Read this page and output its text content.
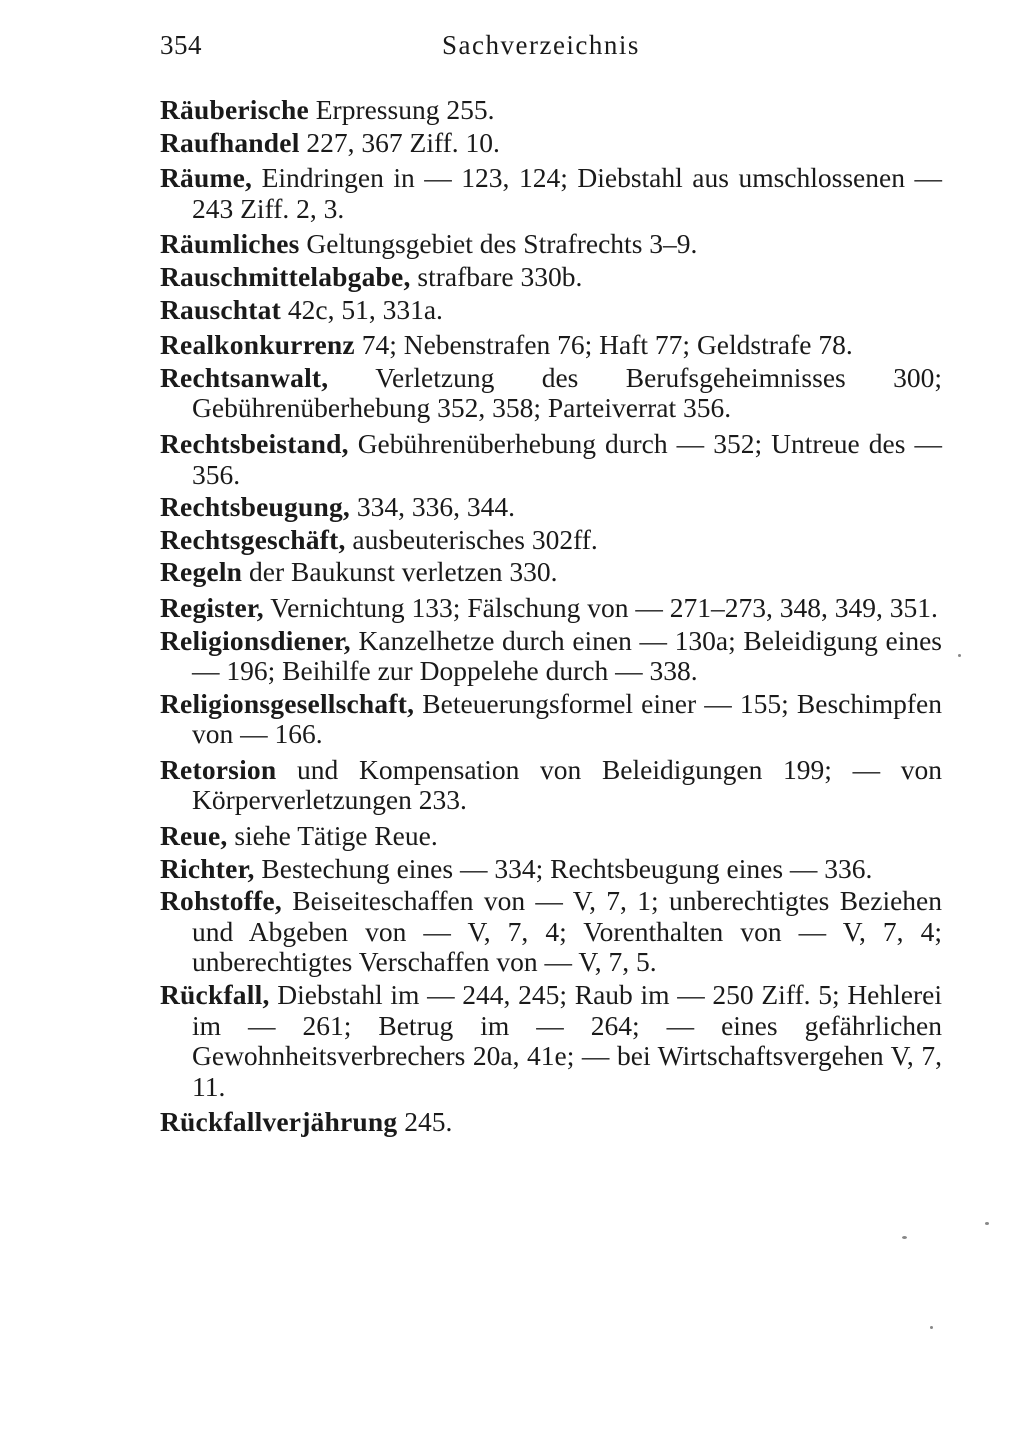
354	Sachverzeichnis

Räuberische Erpressung 255.

Raufhandel 227, 367 Ziff. 10.

Räume, Eindringen in — 123, 124; Diebstahl aus umschlossenen — 243 Ziff. 2, 3.

Räumliches Geltungsgebiet des Strafrechts 3–9.

Rauschmittelabgabe, strafbare 330b.

Rauschtat 42c, 51, 331a.

Realkonkurrenz 74; Nebenstrafen 76; Haft 77; Geldstrafe 78.

Rechtsanwalt, Verletzung des Berufsgeheimnisses 300; Gebührenüberhebung 352, 358; Parteiverrat 356.

Rechtsbeistand, Gebührenüberhebung durch — 352; Untreue des — 356.

Rechtsbeugung, 334, 336, 344.

Rechtsgeschäft, ausbeuterisches 302ff.

Regeln der Baukunst verletzen 330.

Register, Vernichtung 133; Fälschung von — 271–273, 348, 349, 351.

Religionsdiener, Kanzelhetze durch einen — 130a; Beleidigung eines — 196; Beihilfe zur Doppelehe durch — 338.

Religionsgesellschaft, Beteuerungsformel einer — 155; Beschimpfen von — 166.

Retorsion und Kompensation von Beleidigungen 199; — von Körperverletzungen 233.

Reue, siehe Tätige Reue.

Richter, Bestechung eines — 334; Rechtsbeugung eines — 336.

Rohstoffe, Beiseiteschaffen von — V, 7, 1; unberechtigtes Beziehen und Abgeben von — V, 7, 4; Vorenthalten von — V, 7, 4; unberechtigtes Verschaffen von — V, 7, 5.

Rückfall, Diebstahl im — 244, 245; Raub im — 250 Ziff. 5; Hehlerei im — 261; Betrug im — 264; — eines gefährlichen Gewohnheitsverbrechers 20a, 41e; — bei Wirtschaftsvergehen V, 7, 11.

Rückfallverjährung 245.
